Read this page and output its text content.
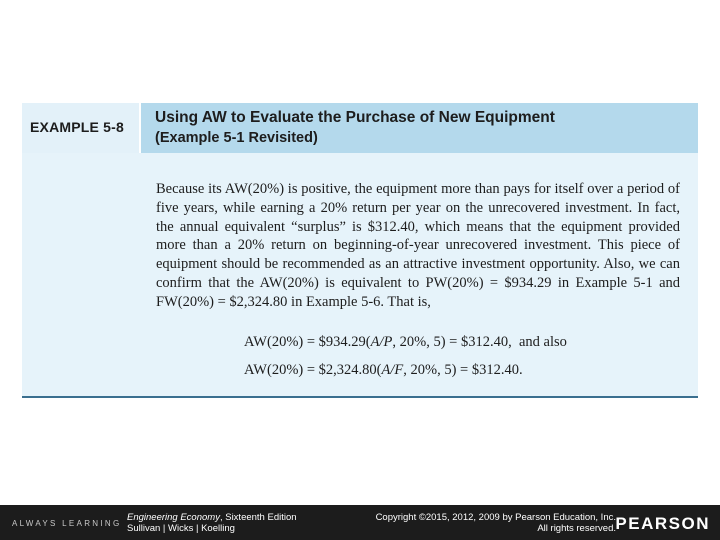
EXAMPLE 5-8
Using AW to Evaluate the Purchase of New Equipment
(Example 5-1 Revisited)

Because its AW(20%) is positive, the equipment more than pays for itself over a period of five years, while earning a 20% return per year on the unrecovered investment. In fact, the annual equivalent “surplus” is $312.40, which means that the equipment provided more than a 20% return on beginning-of-year unrecovered investment. This piece of equipment should be recommended as an attractive investment opportunity. Also, we can confirm that the AW(20%) is equivalent to PW(20%) = $934.29 in Example 5-1 and FW(20%) = $2,324.80 in Example 5-6. That is,

AW(20%) = $934.29(A/P, 20%, 5) = $312.40, and also
AW(20%) = $2,324.80(A/F, 20%, 5) = $312.40.
ALWAYS LEARNING
Engineering Economy, Sixteenth Edition
Sullivan | Wicks | Koelling
Copyright ©2015, 2012, 2009 by Pearson Education, Inc.
All rights reserved. PEARSON
